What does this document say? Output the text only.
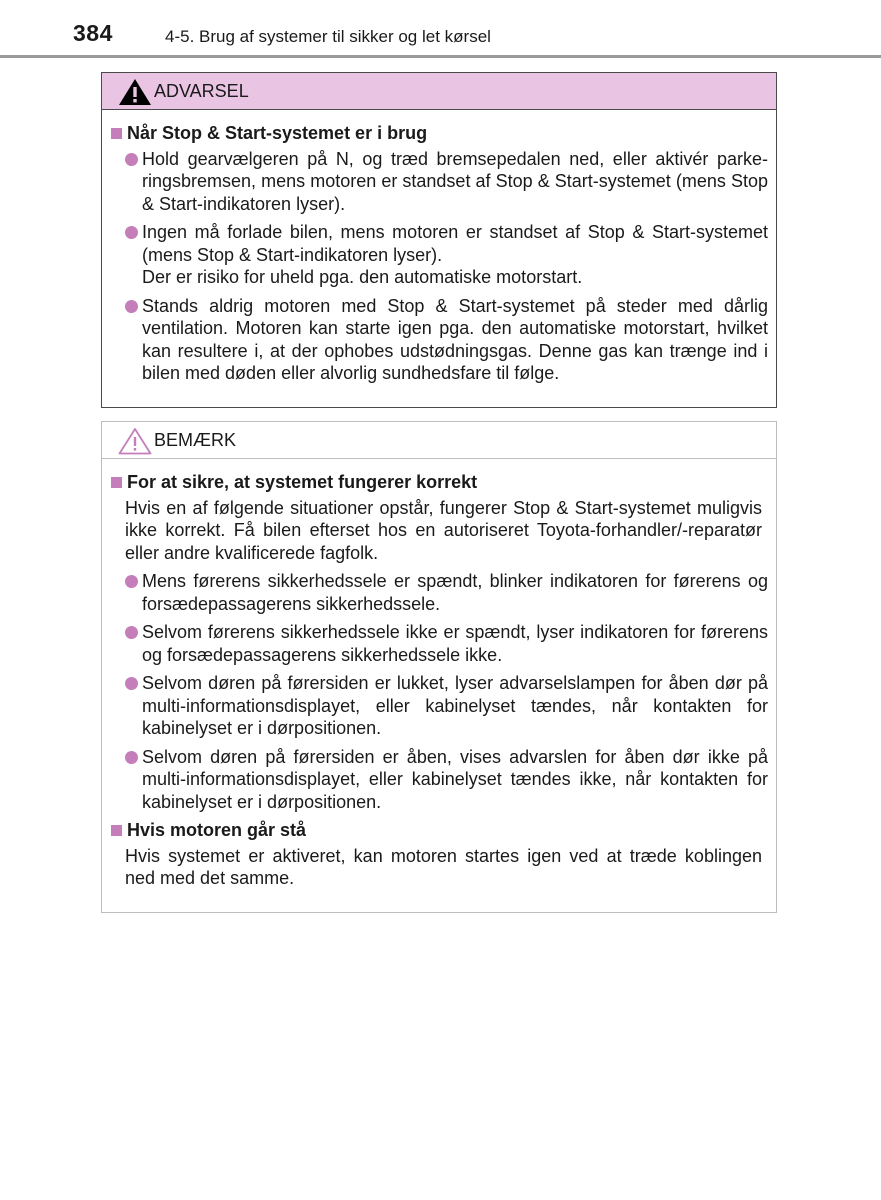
384	4-5. Brug af systemer til sikker og let kørsel
ADVARSEL
Når Stop & Start-systemet er i brug
Hold gearvælgeren på N, og træd bremsepedalen ned, eller aktivér parkeringsbremsen, mens motoren er standset af Stop & Start-systemet (mens Stop & Start-indikatoren lyser).
Ingen må forlade bilen, mens motoren er standset af Stop & Start-systemet (mens Stop & Start-indikatoren lyser).
Der er risiko for uheld pga. den automatiske motorstart.
Stands aldrig motoren med Stop & Start-systemet på steder med dårlig ventilation. Motoren kan starte igen pga. den automatiske motorstart, hvilket kan resultere i, at der ophobes udstødningsgas. Denne gas kan trænge ind i bilen med døden eller alvorlig sundhedsfare til følge.
BEMÆRK
For at sikre, at systemet fungerer korrekt
Hvis en af følgende situationer opstår, fungerer Stop & Start-systemet muligvis ikke korrekt. Få bilen efterset hos en autoriseret Toyota-forhandler/-reparatør eller andre kvalificerede fagfolk.
Mens førerens sikkerhedssele er spændt, blinker indikatoren for førerens og forsædepassagerens sikkerhedssele.
Selvom førerens sikkerhedssele ikke er spændt, lyser indikatoren for førerens og forsædepassagerens sikkerhedssele ikke.
Selvom døren på førersiden er lukket, lyser advarselslampen for åben dør på multi-informationsdisplayet, eller kabinelyset tændes, når kontakten for kabinelyset er i dørpositionen.
Selvom døren på førersiden er åben, vises advarslen for åben dør ikke på multi-informationsdisplayet, eller kabinelyset tændes ikke, når kontakten for kabinelyset er i dørpositionen.
Hvis motoren går stå
Hvis systemet er aktiveret, kan motoren startes igen ved at træde koblingen ned med det samme.
